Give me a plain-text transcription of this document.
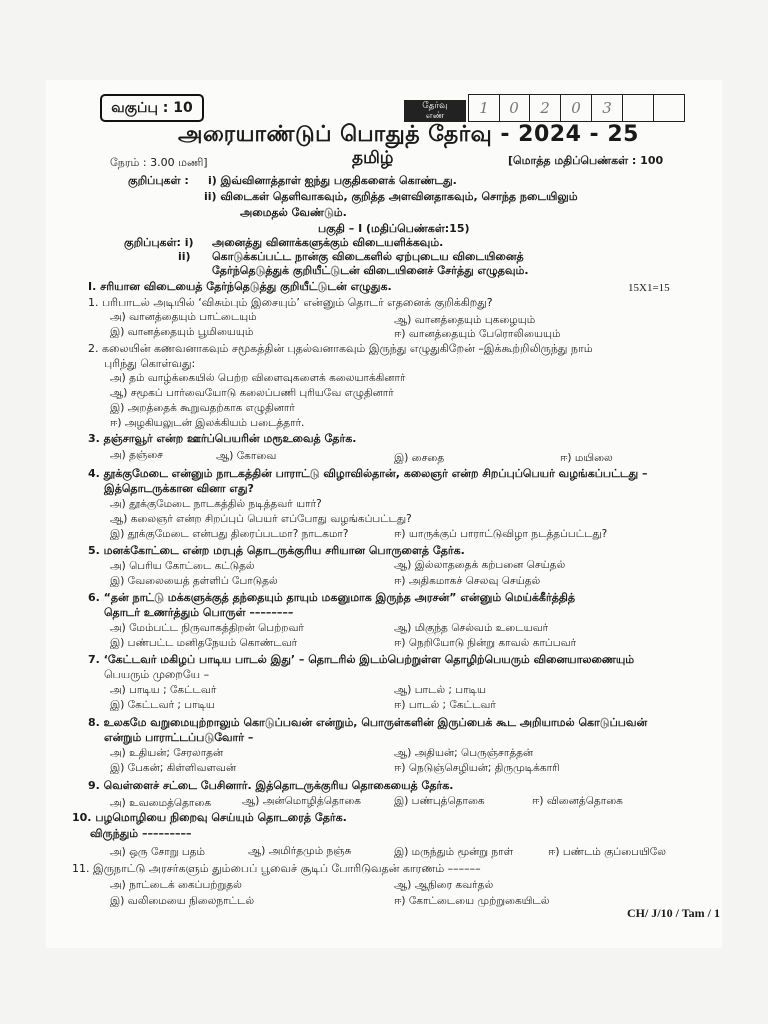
வகுப்பு : 10	தேர்வு
எண்	1	0	2	0	3
அரையாண்டுப் பொதுத் தேர்வு - 2024 - 25
நேரம் : 3.00 மணி]	தமிழ்	[மொத்த மதிப்பெண்கள் : 100
குறிப்புகள் : i) இவ்வினாத்தாள் ஐந்து பகுதிகளைக் கொண்டது.
ii) விடைகள் தெளிவாகவும், குறித்த அளவினதாகவும், சொந்த நடையிலும்
அமைதல் வேண்டும்.
பகுதி – I (மதிப்பெண்கள்:15)
குறிப்புகள்: i) அனைத்து வினாக்களுக்கும் விடையளிக்கவும்.
ii) கொடுக்கப்பட்ட நான்கு விடைகளில் ஏற்புடைய விடையினைத்
தேர்ந்தெடுத்துக் குறியீட்டுடன் விடையினைச் சேர்த்து எழுதவும்.
I. சரியான விடையைத் தேர்ந்தெடுத்து குறியீட்டுடன் எழுதுக.	15X1=15
1. பரிபாடல் அடியில் ‘விசும்பும் இசையும்’ என்னும் தொடர் எதனைக் குறிக்கிறது?
அ) வானத்தையும் பாட்டையும்	ஆ) வானத்தையும் புகழையும்
இ) வானத்தையும் பூமியையும்	ஈ) வானத்தையும் பேரொலியையும்
2. கலையின் கணவனாகவும் சமூகத்தின் புதல்வனாகவும் இருந்து எழுதுகிறேன் –இக்கூற்றிலிருந்து நாம்
புரிந்து கொள்வது:
அ) தம் வாழ்க்கையில் பெற்ற விளைவுகளைக் கலையாக்கினார்
ஆ) சமூகப் பார்வையோடு கலைப்பணி புரியவே எழுதினார்
இ) அறத்தைக் கூறுவதற்காக எழுதினார்
ஈ) அழகியலுடன் இலக்கியம் படைத்தார்.
3. தஞ்சாவூர் என்ற ஊர்ப்பெயரின் மரூஉவைத் தேர்க.
அ) தஞ்சை	ஆ) கோவை	இ) சைதை	ஈ) மயிலை
4. தூக்குமேடை என்னும் நாடகத்தின் பாராட்டு விழாவில்தான், கலைஞர் என்ற சிறப்புப்பெயர் வழங்கப்பட்டது –
இத்தொடருக்கான வினா எது?
அ) தூக்குமேடை நாடகத்தில் நடித்தவர் யார்?
ஆ) கலைஞர் என்ற சிறப்புப் பெயர் எப்போது வழங்கப்பட்டது?
இ) தூக்குமேடை என்பது திரைப்படமா? நாடகமா?	ஈ) யாருக்குப் பாராட்டுவிழா நடத்தப்பட்டது?
5. மனக்கோட்டை என்ற மரபுத் தொடருக்குரிய சரியான பொருளைத் தேர்க.
அ) பெரிய கோட்டை கட்டுதல்	ஆ) இல்லாததைக் கற்பனை செய்தல்
இ) வேலையைத் தள்ளிப் போடுதல்	ஈ) அதிகமாகச் செலவு செய்தல்
6. “தன் நாட்டு மக்களுக்குத் தந்தையும் தாயும் மகனுமாக இருந்த அரசன்” என்னும் மெய்க்கீர்த்தித்
தொடர் உணர்த்தும் பொருள் ––––––––
அ) மேம்பட்ட நிருவாகத்திறன் பெற்றவர்	ஆ) மிகுந்த செல்வம் உடையவர்
இ) பண்பட்ட மனிதநேயம் கொண்டவர்	ஈ) நெறியோடு நின்று காவல் காப்பவர்
7. ‘கேட்டவர் மகிழப் பாடிய பாடல் இது’ – தொடரில் இடம்பெற்றுள்ள தொழிற்பெயரும் வினையாலணையும்
பெயரும் முறையே –
அ) பாடிய ; கேட்டவர்	ஆ) பாடல் ; பாடிய
இ) கேட்டவர் ; பாடிய	ஈ) பாடல் ; கேட்டவர்
8. உலகமே வறுமையுற்றாலும் கொடுப்பவன் என்றும், பொருள்களின் இருப்பைக் கூட அறியாமல் கொடுப்பவன்
என்றும் பாராட்டப்படுவோர் –
அ) உதியன்; சேரலாதன்	ஆ) அதியன்; பெருஞ்சாத்தன்
இ) பேகன்; கிள்ளிவளவன்	ஈ) நெடுஞ்செழியன்; திருமுடிக்காரி
9. வெள்ளைச் சட்டை பேசினார். இத்தொடருக்குரிய தொகையைத் தேர்க.
அ) உவமைத்தொகை	ஆ) அன்மொழித்தொகை	இ) பண்புத்தொகை	ஈ) வினைத்தொகை
10. பழமொழியை நிறைவு செய்யும் தொடரைத் தேர்க.
விருந்தும் –––––––––
அ) ஒரு சோறு பதம்	ஆ) அமிர்தமும் நஞ்சு	இ) மருந்தும் மூன்று நாள்	ஈ) பண்டம் குப்பையிலே
11. இருநாட்டு அரசர்களும் தும்பைப் பூவைச் சூடிப் போரிடுவதன் காரணம் ––––––
அ) நாட்டைக் கைப்பற்றுதல்	ஆ) ஆநிரை கவர்தல்
இ) வலிமையை நிலைநாட்டல்	ஈ) கோட்டையை முற்றுகையிடல்
CH/ J/10 / Tam / 1
